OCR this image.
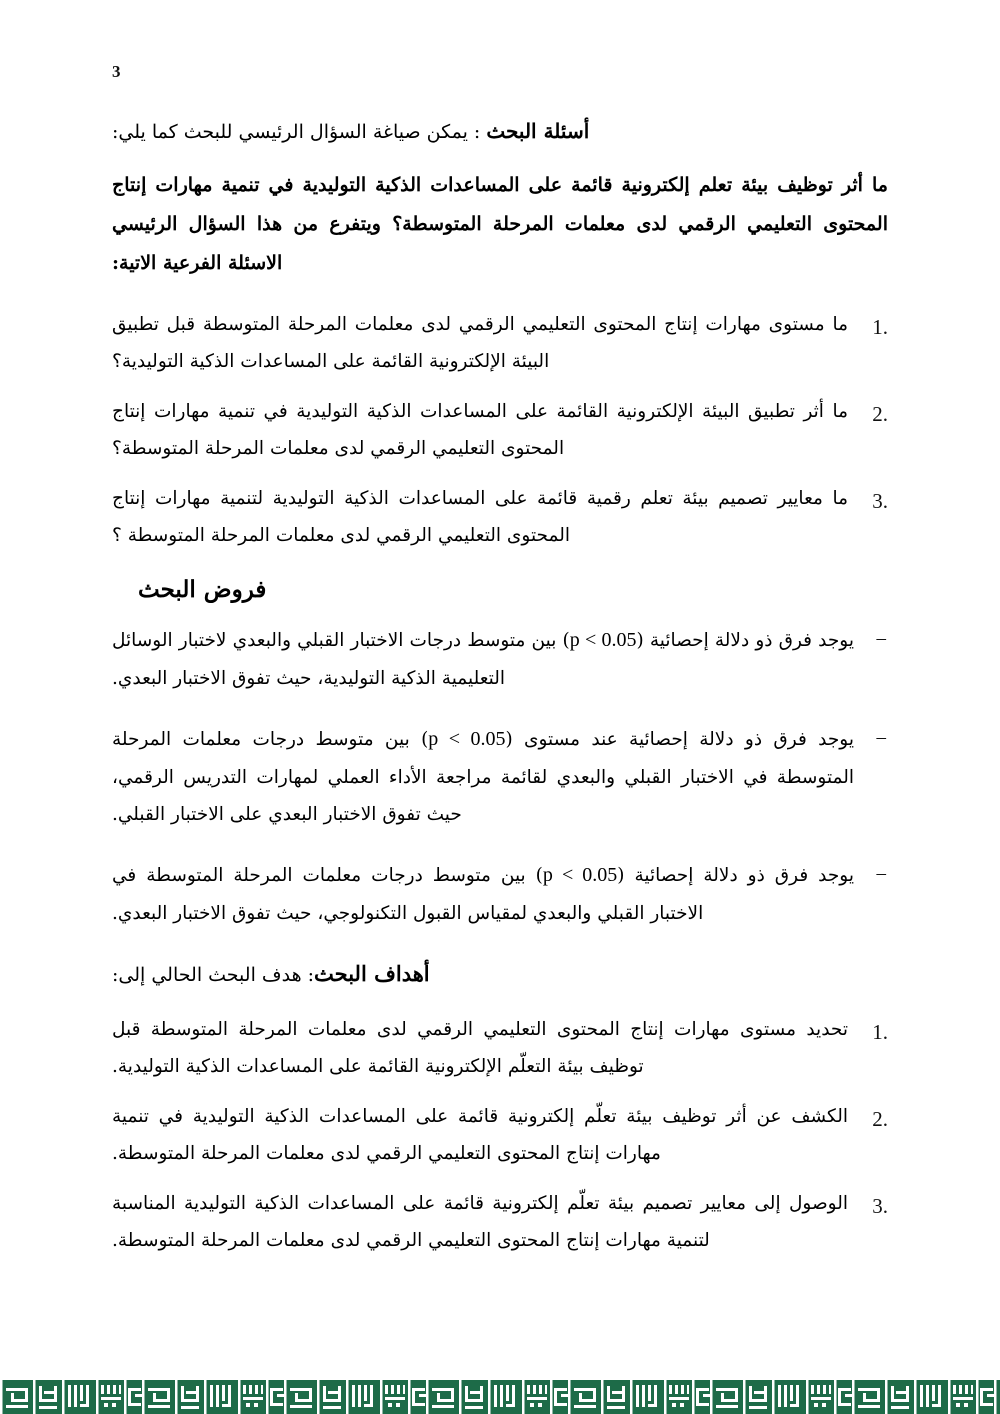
3

أسئلة البحث : يمكن صياغة السؤال الرئيسي للبحث كما يلي:

ما أثر توظيف بيئة تعلم إلكترونية قائمة على المساعدات الذكية التوليدية في تنمية مهارات إنتاج المحتوى التعليمي الرقمي لدى معلمات المرحلة المتوسطة؟ ويتفرع من هذا السؤال الرئيسي الاسئلة الفرعية الاتية:

1.
ما مستوى مهارات إنتاج المحتوى التعليمي الرقمي لدى معلمات المرحلة المتوسطة قبل تطبيق البيئة الإلكترونية القائمة على المساعدات الذكية التوليدية؟
2.
ما أثر تطبيق البيئة الإلكترونية القائمة على المساعدات الذكية التوليدية في تنمية مهارات إنتاج المحتوى التعليمي الرقمي لدى معلمات المرحلة المتوسطة؟
3.
ما معايير تصميم بيئة تعلم رقمية قائمة على المساعدات الذكية التوليدية لتنمية مهارات إنتاج المحتوى التعليمي الرقمي لدى معلمات المرحلة المتوسطة ؟
فروض البحث
–
يوجد فرق ذو دلالة إحصائية (p < 0.05) بين متوسط درجات الاختبار القبلي والبعدي لاختبار الوسائل التعليمية الذكية التوليدية، حيث تفوق الاختبار البعدي.
–
يوجد فرق ذو دلالة إحصائية عند مستوى (p < 0.05) بين متوسط درجات معلمات المرحلة المتوسطة في الاختبار القبلي والبعدي لقائمة مراجعة الأداء العملي لمهارات التدريس الرقمي، حيث تفوق الاختبار البعدي على الاختبار القبلي.
–
يوجد فرق ذو دلالة إحصائية (p < 0.05) بين متوسط درجات معلمات المرحلة المتوسطة في الاختبار القبلي والبعدي لمقياس القبول التكنولوجي، حيث تفوق الاختبار البعدي.

أهداف البحث: هدف البحث الحالي إلى:

1.
تحديد مستوى مهارات إنتاج المحتوى التعليمي الرقمي لدى معلمات المرحلة المتوسطة قبل توظيف بيئة التعلّم الإلكترونية القائمة على المساعدات الذكية التوليدية.
2.
الكشف عن أثر توظيف بيئة تعلّم إلكترونية قائمة على المساعدات الذكية التوليدية في تنمية مهارات إنتاج المحتوى التعليمي الرقمي لدى معلمات المرحلة المتوسطة.
3.
الوصول إلى معايير تصميم بيئة تعلّم إلكترونية قائمة على المساعدات الذكية التوليدية المناسبة لتنمية مهارات إنتاج المحتوى التعليمي الرقمي لدى معلمات المرحلة المتوسطة.
